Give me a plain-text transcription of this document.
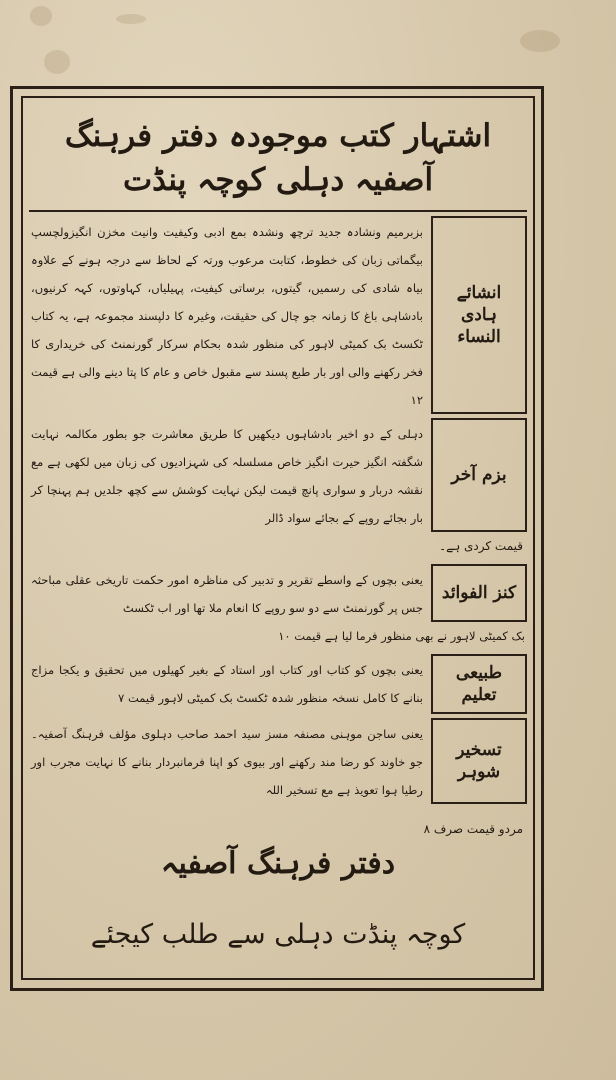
اشتہار کتب موجودہ دفتر فرہنگ آصفیہ دہلی کوچہ پنڈت
انشائے ہادی النساء
بزبرمیم ونشادہ جدید ترچھ ونشدہ بمع ادبی وکیفیت وانیت مخزن انگیزولچسپ بیگماتی زبان کی خطوط، کتابت مرعوب ورتہ کے لحاظ سے درجہ ہونے کے علاوہ بیاہ شادی کی رسمیں، گیتوں، برساتی کیفیت، پہیلیاں، کہاوتوں، کہہ کرنیوں، بادشاہی باغ کا زمانہ جو چال کی حقیقت، وغیرہ کا دلپسند مجموعہ ہے، یہ کتاب ٹکسٹ بک کمیٹی لاہور کی منظور شدہ بحکام سرکار گورنمنٹ کی خریداری کا فخر رکھنے والی اور بار طبع پسند سے مقبول خاص و عام کا پتا دینے والی ہے قیمت ۱۲
بزم آخر
دہلی کے دو اخیر بادشاہوں دیکھیں کا طریق معاشرت جو بطور مکالمہ نہایت شگفتہ انگیز حیرت انگیز خاص مسلسلہ کی شہزادیوں کی زبان میں لکھی ہے مع نقشہ دربار و سواری پانچ قیمت لیکن نہایت کوشش سے کچھ جلدیں ہم پہنچا کر بار بجائے روپے کے بجائے سواد ڈالر
قیمت کردی ہے۔
کنز الفوائد
یعنی بچوں کے واسطے تقریر و تدبیر کی مناظرہ امور حکمت تاریخی عقلی مباحثہ جس پر گورنمنٹ سے دو سو روپے کا انعام ملا تھا اور اب ٹکسٹ
بک کمیٹی لاہور نے بھی منظور فرما لیا ہے قیمت ۱۰
طبیعی تعلیم
یعنی بچوں کو کتاب اور کتاب اور استاد کے بغیر کھیلوں میں تحقیق و یکجا مزاج بنانے کا کامل نسخہ منظور شدہ ٹکسٹ بک کمیٹی لاہور قیمت ۷
تسخیر شوہر
یعنی ساجن موہنی مصنفہ مسز سید احمد صاحب دہلوی مؤلف فرہنگ آصفیہ۔ جو خاوند کو رضا مند رکھنے اور بیوی کو اپنا فرمانبردار بنانے کا نہایت مجرب اور رطیا ہوا تعویذ ہے مع تسخیر اللہ
مردو قیمت صرف ۸
دفتر فرہنگ آصفیہ
کوچہ پنڈت دہلی سے طلب کیجئے
